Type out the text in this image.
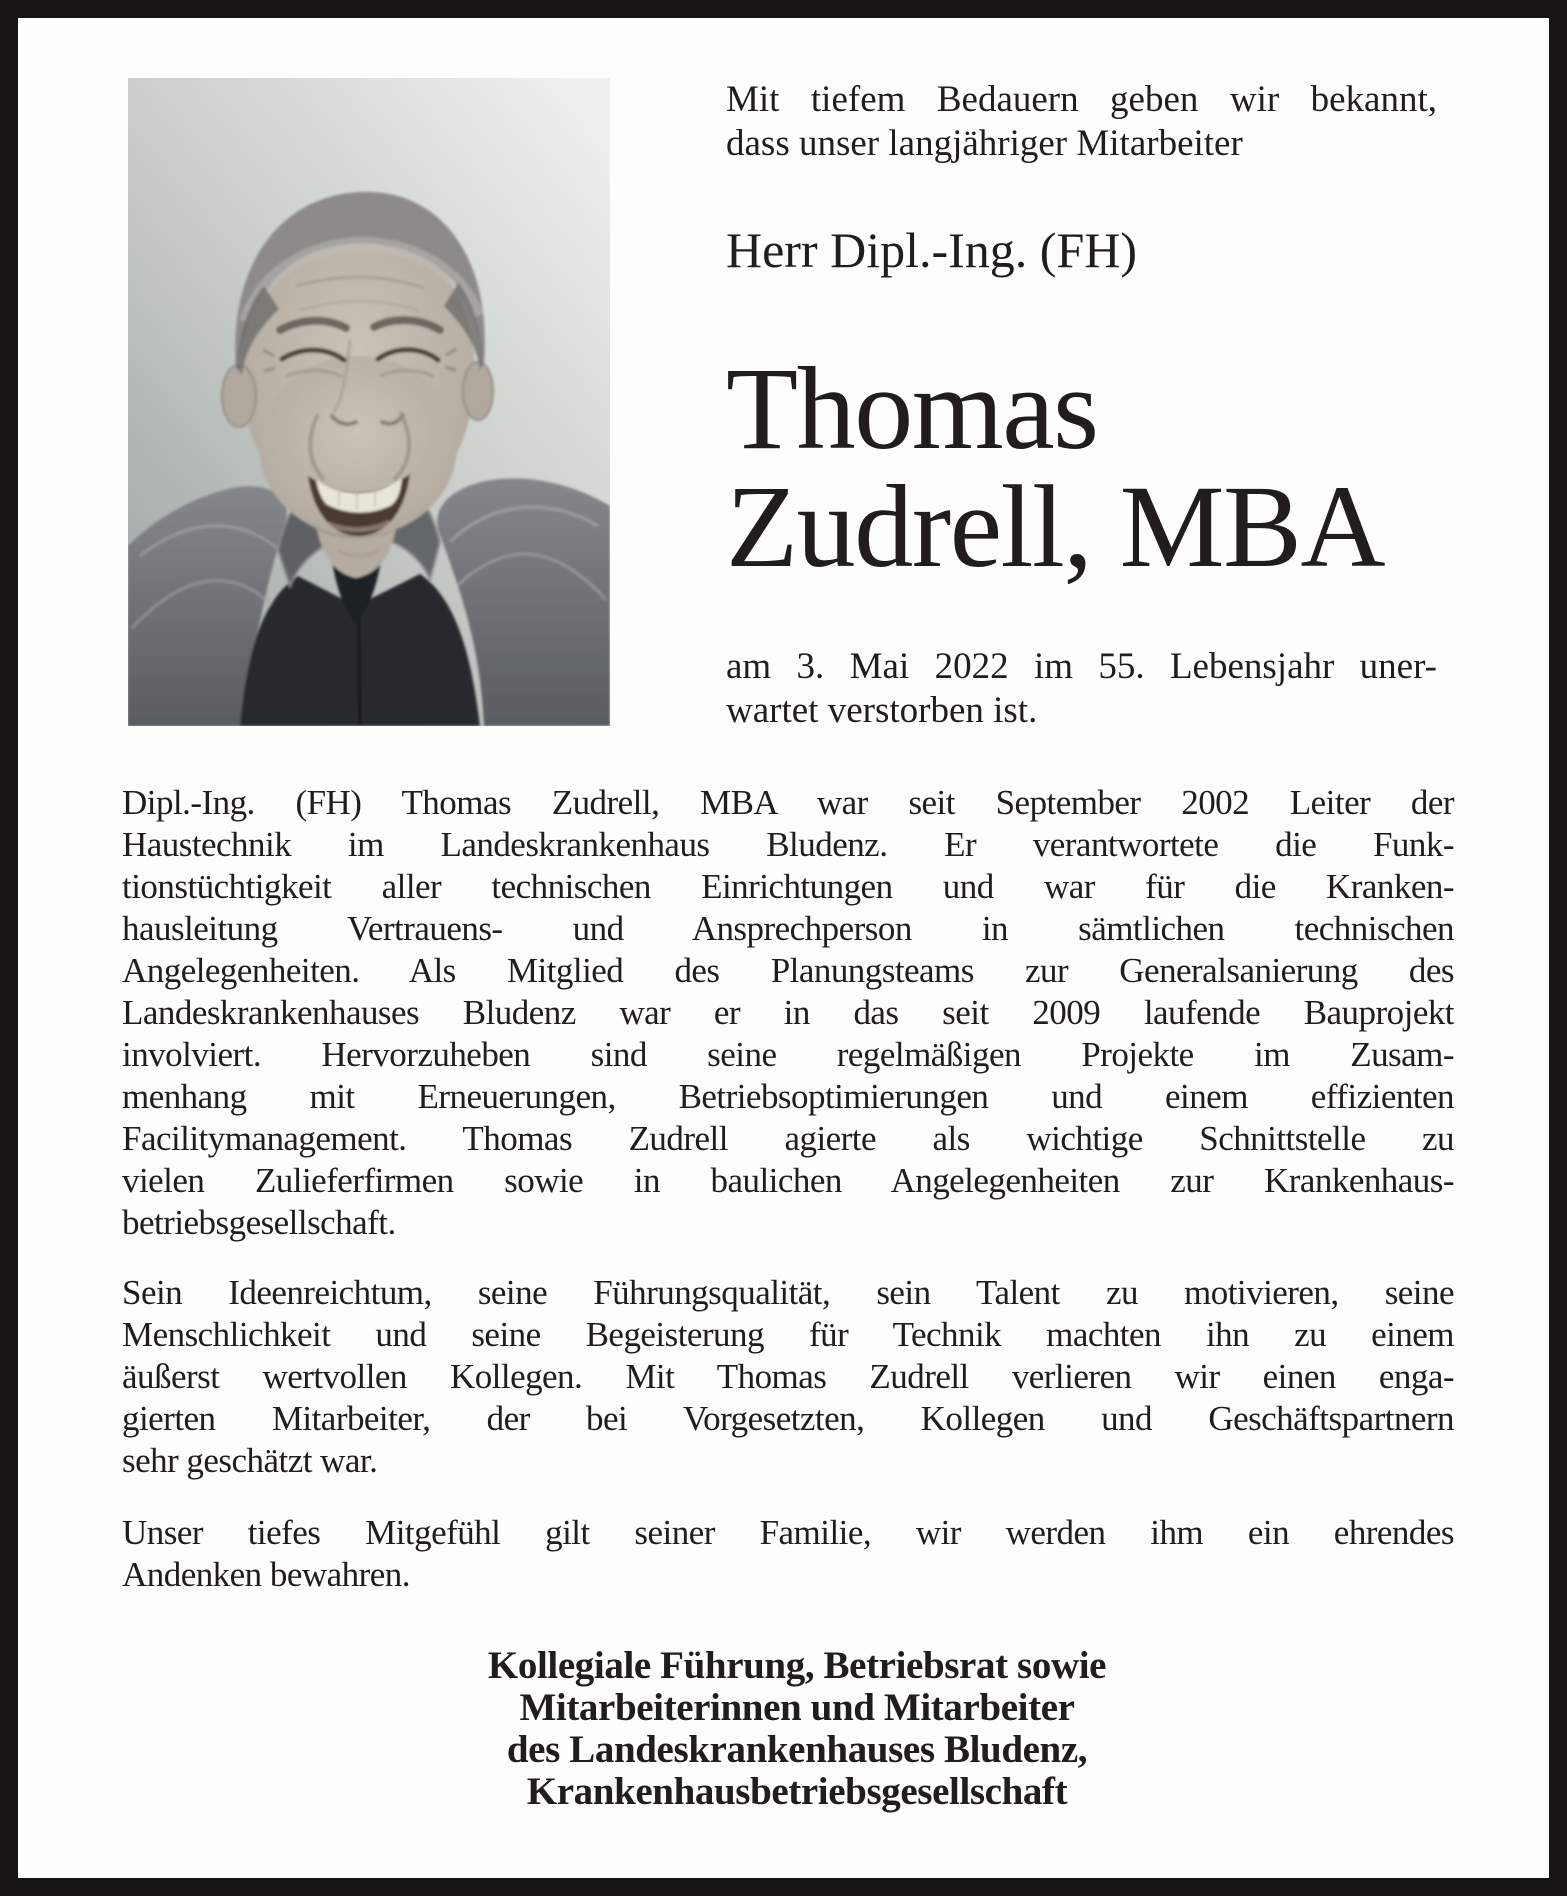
Mit tiefem Bedauern geben wir bekannt,
dass unser langjähriger Mitarbeiter
Herr Dipl.-Ing. (FH)
Thomas
Zudrell, MBA
am 3. Mai 2022 im 55. Lebensjahr uner-
wartet verstorben ist.
Dipl.-Ing. (FH) Thomas Zudrell, MBA war seit September 2002 Leiter der
Haustechnik im Landeskrankenhaus Bludenz. Er verantwortete die Funk-
tionstüchtigkeit aller technischen Einrichtungen und war für die Kranken-
hausleitung Vertrauens- und Ansprechperson in sämtlichen technischen
Angelegenheiten. Als Mitglied des Planungsteams zur Generalsanierung des
Landeskrankenhauses Bludenz war er in das seit 2009 laufende Bauprojekt
involviert. Hervorzuheben sind seine regelmäßigen Projekte im Zusam-
menhang mit Erneuerungen, Betriebsoptimierungen und einem effizienten
Facilitymanagement. Thomas Zudrell agierte als wichtige Schnittstelle zu
vielen Zulieferfirmen sowie in baulichen Angelegenheiten zur Krankenhaus-
betriebsgesellschaft.
Sein Ideenreichtum, seine Führungsqualität, sein Talent zu motivieren, seine
Menschlichkeit und seine Begeisterung für Technik machten ihn zu einem
äußerst wertvollen Kollegen. Mit Thomas Zudrell verlieren wir einen enga-
gierten Mitarbeiter, der bei Vorgesetzten, Kollegen und Geschäftspartnern
sehr geschätzt war.
Unser tiefes Mitgefühl gilt seiner Familie, wir werden ihm ein ehrendes
Andenken bewahren.
Kollegiale Führung, Betriebsrat sowie
Mitarbeiterinnen und Mitarbeiter
des Landeskrankenhauses Bludenz,
Krankenhausbetriebsgesellschaft
